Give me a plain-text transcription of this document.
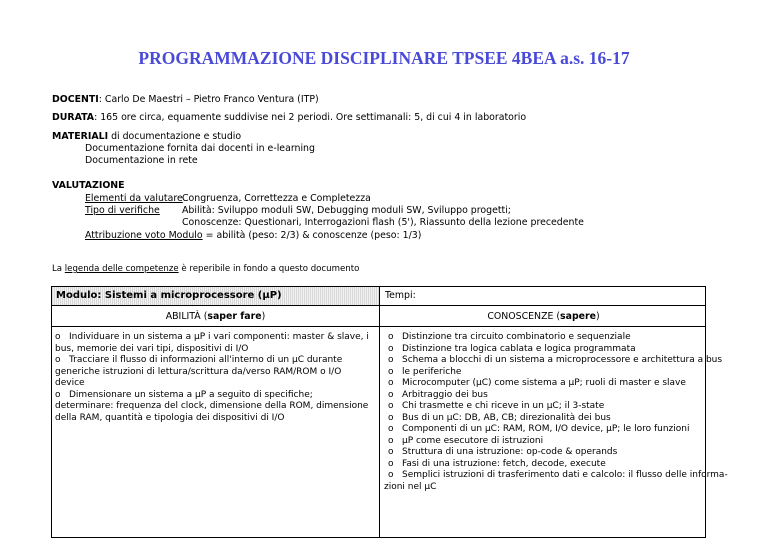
PROGRAMMAZIONE DISCIPLINARE TPSEE 4BEA a.s. 16-17
DOCENTI: Carlo De Maestri – Pietro Franco Ventura (ITP)
DURATA: 165 ore circa, equamente suddivise nei 2 periodi. Ore settimanali: 5, di cui 4 in laboratorio
MATERIALI di documentazione e studio
Documentazione fornita dai docenti in e-learning
Documentazione in rete
VALUTAZIONE
Elementi da valutare Congruenza, Correttezza e Completezza
Tipo di verifiche Abilità: Sviluppo moduli SW, Debugging moduli SW, Sviluppo progetti;
Conoscenze: Questionari, Interrogazioni flash (5'), Riassunto della lezione precedente
Attribuzione voto Modulo = abilità (peso: 2/3) & conoscenze (peso: 1/3)
La legenda delle competenze è reperibile in fondo a questo documento
Modulo: Sistemi a microprocessore (µP)	Tempi:
ABILITÀ (saper fare)	CONOSCENZE (sapere)
o Individuare in un sistema a µP i vari componenti: master & slave, i bus, memorie dei vari tipi, dispositivi di I/O
o Tracciare il flusso di informazioni all'interno di un µC durante generiche istruzioni di lettura/scrittura da/verso RAM/ROM o I/O device
o Dimensionare un sistema a µP a seguito di specifiche; determinare: frequenza del clock, dimensione della ROM, dimensione della RAM, quantità e tipologia dei dispositivi di I/O
o Distinzione tra circuito combinatorio e sequenziale
o Distinzione tra logica cablata e logica programmata
o Schema a blocchi di un sistema a microprocessore e architettura a bus
o le periferiche
o Microcomputer (µC) come sistema a µP; ruoli di master e slave
o Arbitraggio dei bus
o Chi trasmette e chi riceve in un µC; il 3-state
o Bus di un µC: DB, AB, CB; direzionalità dei bus
o Componenti di un µC: RAM, ROM, I/O device, µP; le loro funzioni
o µP come esecutore di istruzioni
o Struttura di una istruzione: op-code & operands
o Fasi di una istruzione: fetch, decode, execute
o Semplici istruzioni di trasferimento dati e calcolo: il flusso delle informa-
zioni nel µC
